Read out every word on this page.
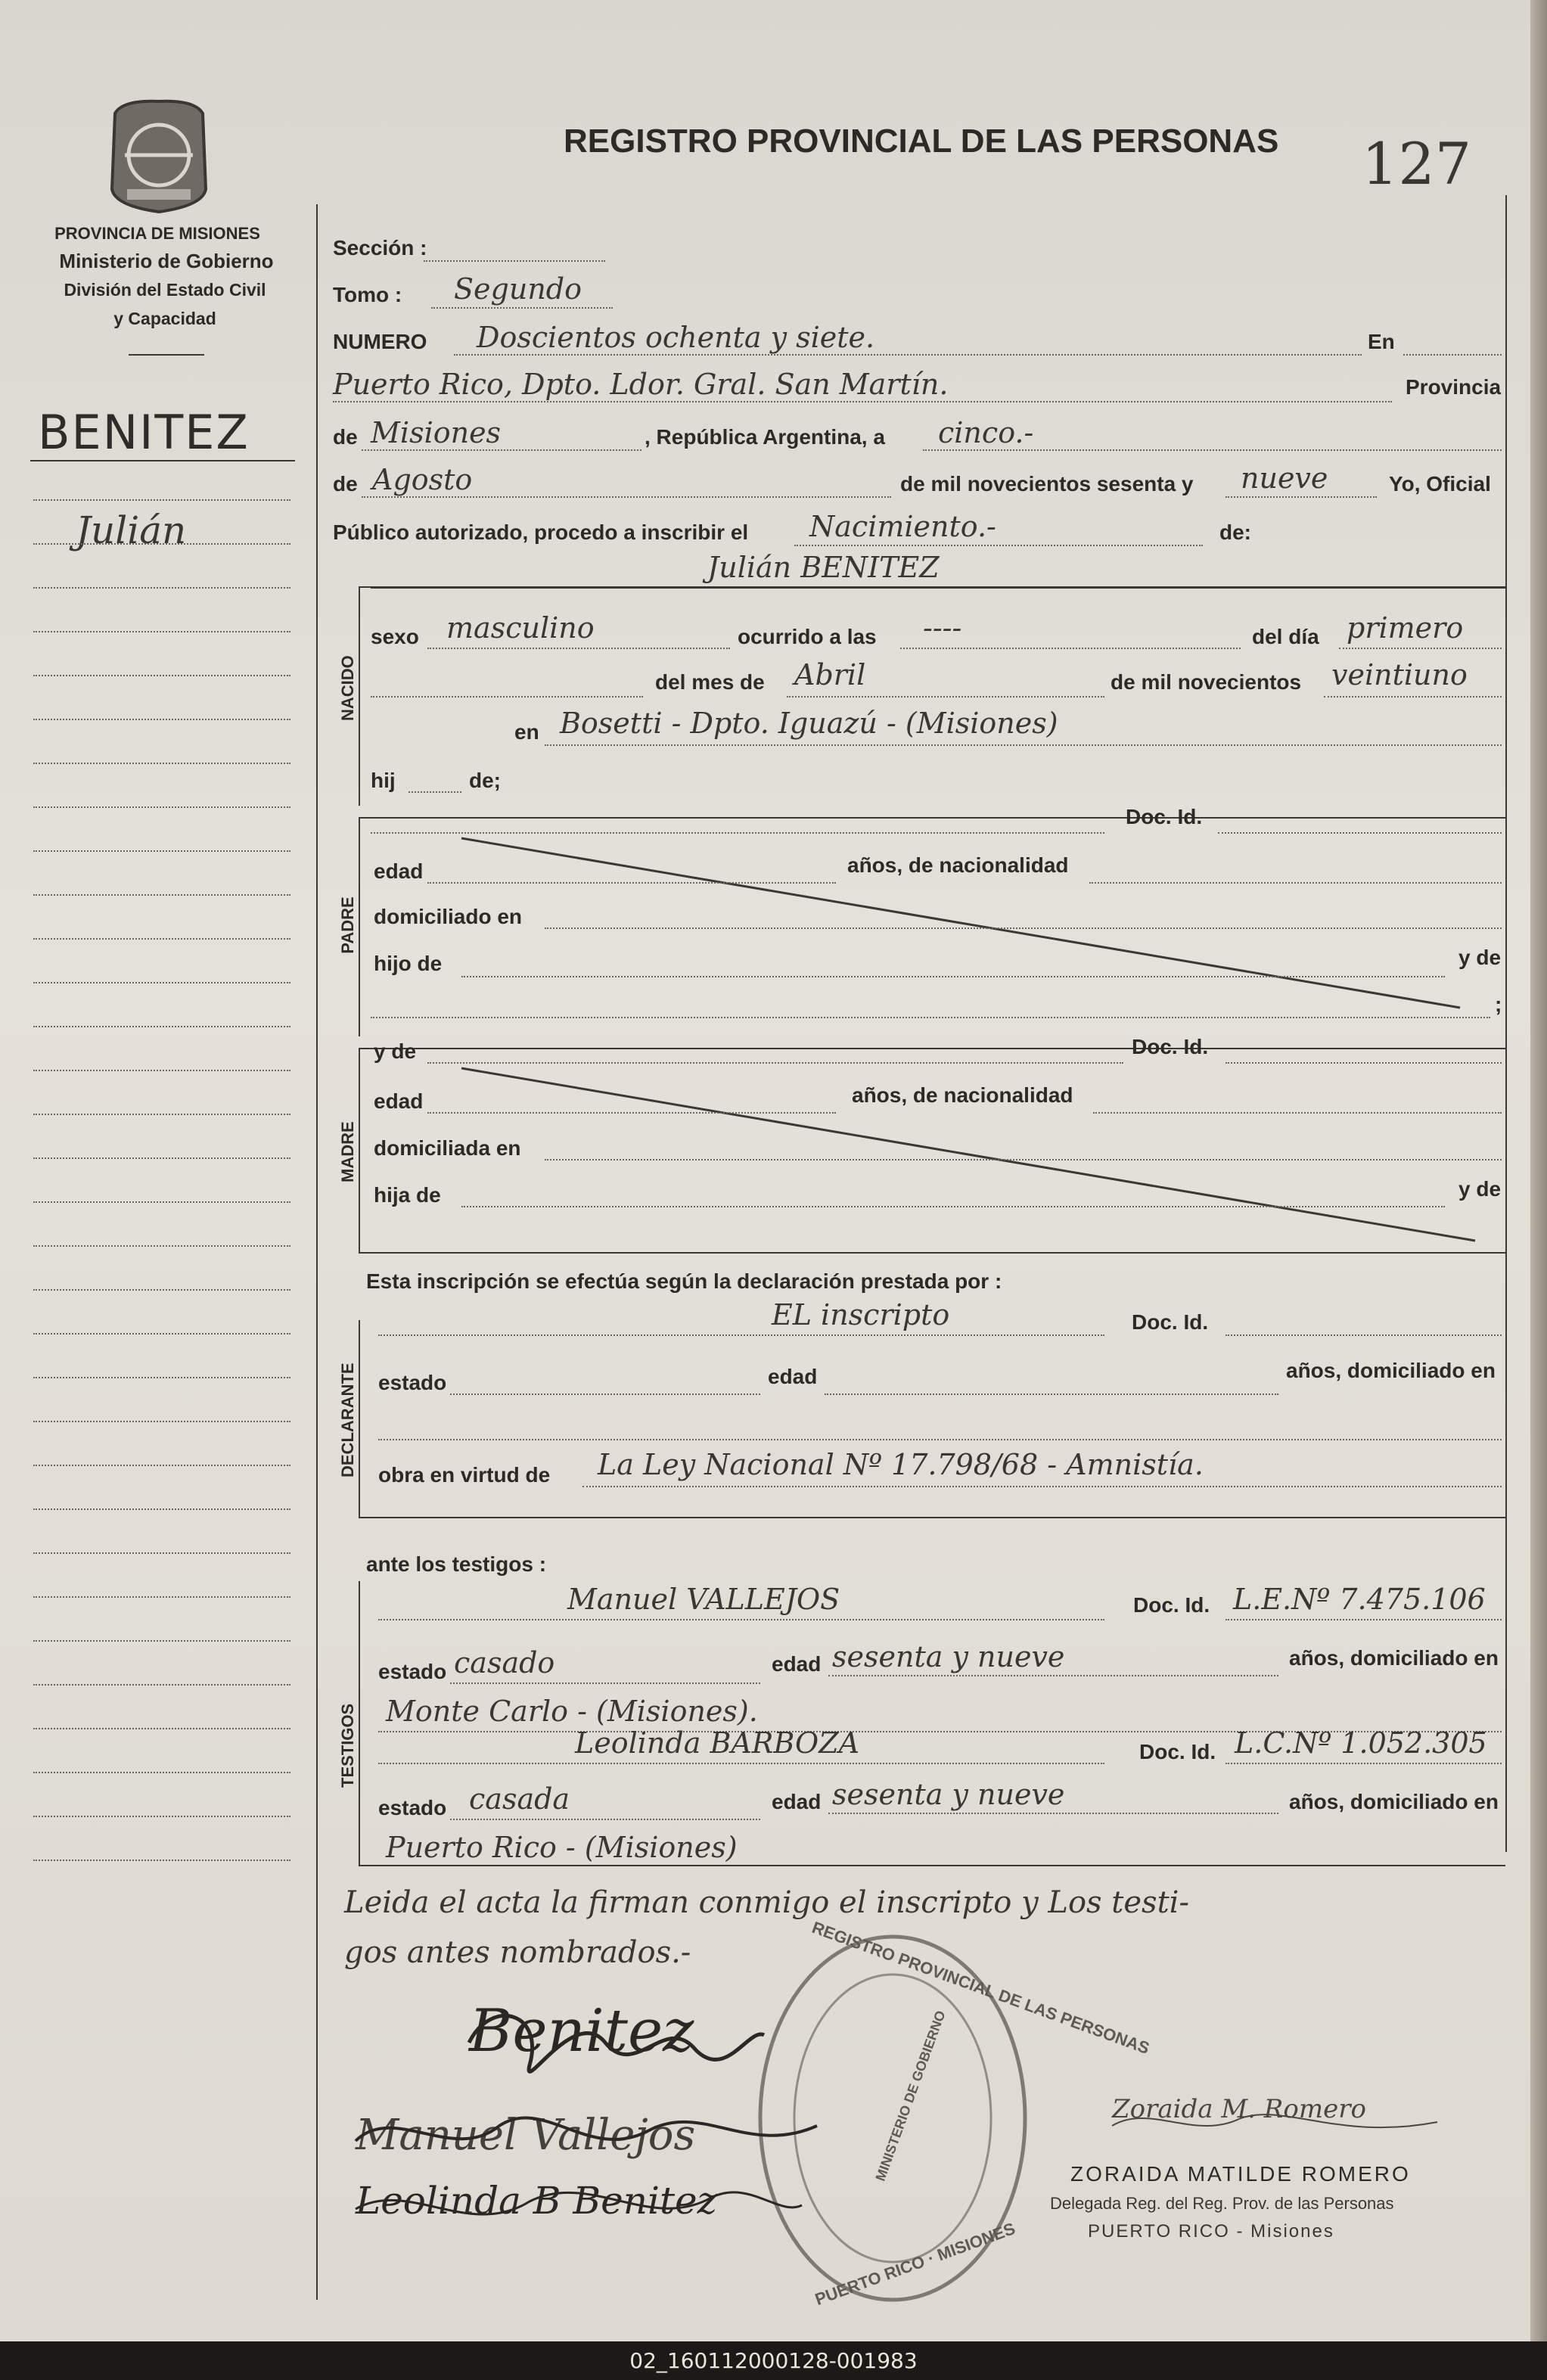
REGISTRO PROVINCIAL DE LAS PERSONAS 127
PROVINCIA DE MISIONES
Ministerio de Gobierno
División del Estado Civil
y Capacidad
BENITEZ
Julián
NACIDO
PADRE
MADRE
DECLARANTE
TESTIGOS
Sección :
Tomo : Segundo
NUMERO Doscientos ochenta y siete.	En
Puerto Rico, Dpto. Ldor. Gral. San Martín.	Provincia
de Misiones	, República Argentina, a cinco.-
de Agosto	de mil novecientos sesenta y nueve	Yo, Oficial
Público autorizado, procedo a inscribir el Nacimiento.-	de:
Julián BENITEZ
sexo masculino	ocurrido a las ----	del día primero
del mes de Abril	de mil novecientos veintiuno
en Bosetti - Dpto. Iguazú - (Misiones)
hij	de;
Doc. Id.
edad	años, de nacionalidad
domiciliado en
hijo de	y de
;
y de	Doc. Id.
edad	años, de nacionalidad
domiciliada en
hija de	y de
Esta inscripción se efectúa según la declaración prestada por :
EL inscripto	Doc. Id.
estado	edad	años, domiciliado en
obra en virtud de La Ley Nacional Nº 17.798/68 - Amnistía.
ante los testigos :
Manuel VALLEJOS	Doc. Id. L.E.Nº 7.475.106
estado casado	edad sesenta y nueve	años, domiciliado en
Monte Carlo - (Misiones).
Leolinda BARBOZA	Doc. Id. L.C.Nº 1.052.305
estado casada	edad sesenta y nueve	años, domiciliado en
Puerto Rico - (Misiones)
Leida el acta la firman conmigo el inscripto y Los testi-
gos antes nombrados.-
Benitez
Manuel Vallejos
Leolinda B Benitez
Zoraida M. Romero
REGISTRO PROVINCIAL DE LAS PERSONAS
MINISTERIO DE GOBIERNO
PUERTO RICO · MISIONES
ZORAIDA MATILDE ROMERO
Delegada Reg. del Reg. Prov. de las Personas
PUERTO RICO - Misiones
02_160112000128-001983
